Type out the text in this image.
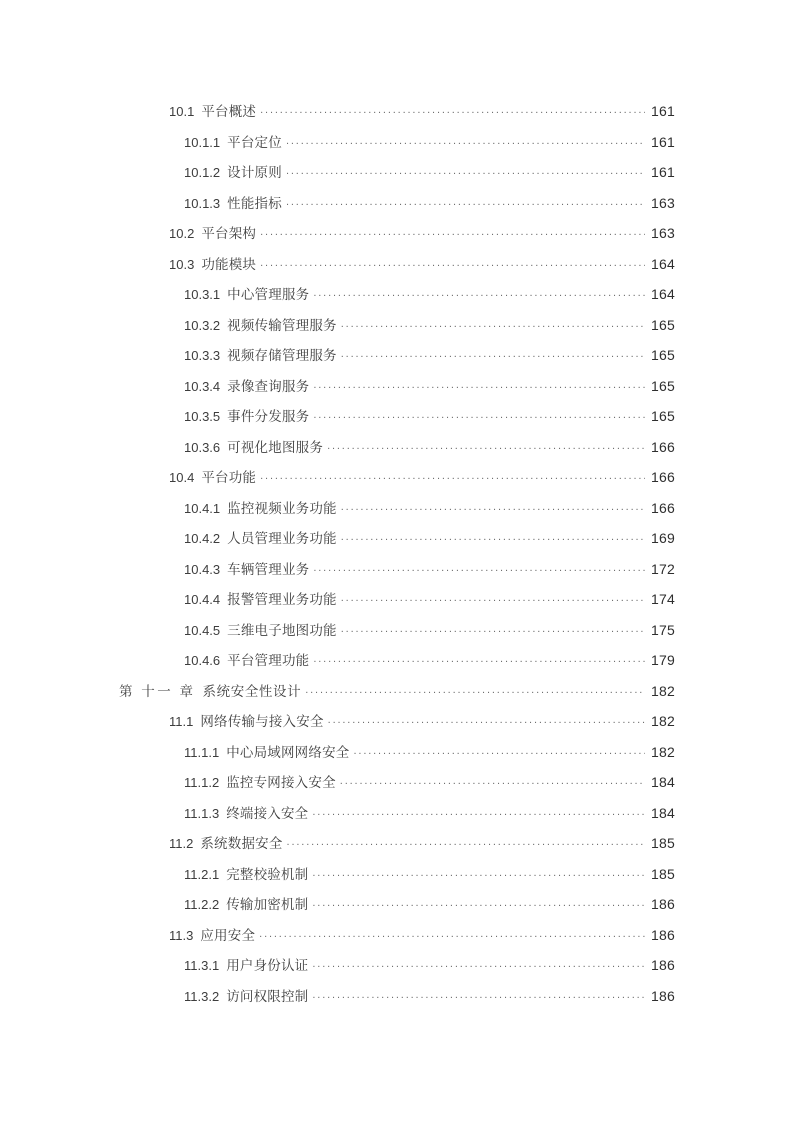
10.1 平台概述 . . .	161
10.1.1 平台定位 . . .	161
10.1.2 设计原则 . . .	161
10.1.3 性能指标 . . .	163
10.2 平台架构 . . .	163
10.3 功能模块 . . .	164
10.3.1 中心管理服务 . . .	164
10.3.2 视频传输管理服务 . . .	165
10.3.3 视频存储管理服务 . . .	165
10.3.4 录像查询服务 . . .	165
10.3.5 事件分发服务 . . .	165
10.3.6 可视化地图服务 . . .	166
10.4 平台功能 . . .	166
10.4.1 监控视频业务功能 . . .	166
10.4.2 人员管理业务功能 . . .	169
10.4.3 车辆管理业务 . . .	172
10.4.4 报警管理业务功能 . . .	174
10.4.5 三维电子地图功能 . . .	175
10.4.6 平台管理功能 . . .	179
第 十一 章 系统安全性设计 . . .	182
11.1 网络传输与接入安全 . . .	182
11.1.1 中心局域网网络安全 . . .	182
11.1.2 监控专网接入安全 . . .	184
11.1.3 终端接入安全 . . .	184
11.2 系统数据安全 . . .	185
11.2.1 完整校验机制 . . .	185
11.2.2 传输加密机制 . . .	186
11.3 应用安全 . . .	186
11.3.1 用户身份认证 . . .	186
11.3.2 访问权限控制 . . .	186
